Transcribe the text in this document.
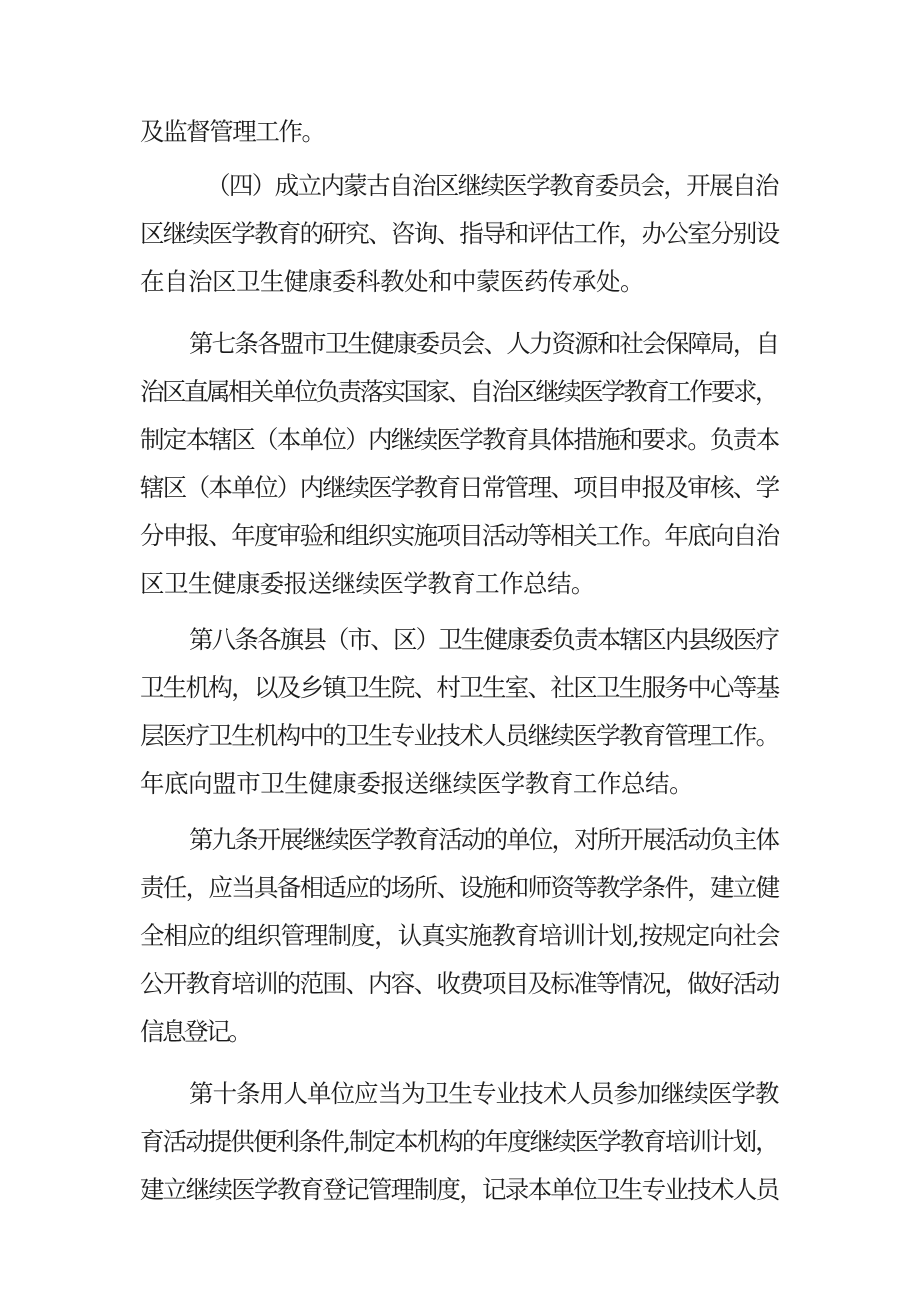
及监督管理工作。
（四）成立内蒙古自治区继续医学教育委员会，开展自治
区继续医学教育的研究、咨询、指导和评估工作，办公室分别设
在自治区卫生健康委科教处和中蒙医药传承处。
第七条各盟市卫生健康委员会、人力资源和社会保障局，自
治区直属相关单位负责落实国家、自治区继续医学教育工作要求，
制定本辖区（本单位）内继续医学教育具体措施和要求。负责本
辖区（本单位）内继续医学教育日常管理、项目申报及审核、学
分申报、年度审验和组织实施项目活动等相关工作。年底向自治
区卫生健康委报送继续医学教育工作总结。
第八条各旗县（市、区）卫生健康委负责本辖区内县级医疗
卫生机构，以及乡镇卫生院、村卫生室、社区卫生服务中心等基
层医疗卫生机构中的卫生专业技术人员继续医学教育管理工作。
年底向盟市卫生健康委报送继续医学教育工作总结。
第九条开展继续医学教育活动的单位，对所开展活动负主体
责任，应当具备相适应的场所、设施和师资等教学条件，建立健
全相应的组织管理制度，认真实施教育培训计划,按规定向社会
公开教育培训的范围、内容、收费项目及标准等情况，做好活动
信息登记。
第十条用人单位应当为卫生专业技术人员参加继续医学教
育活动提供便利条件,制定本机构的年度继续医学教育培训计划，
建立继续医学教育登记管理制度，记录本单位卫生专业技术人员
